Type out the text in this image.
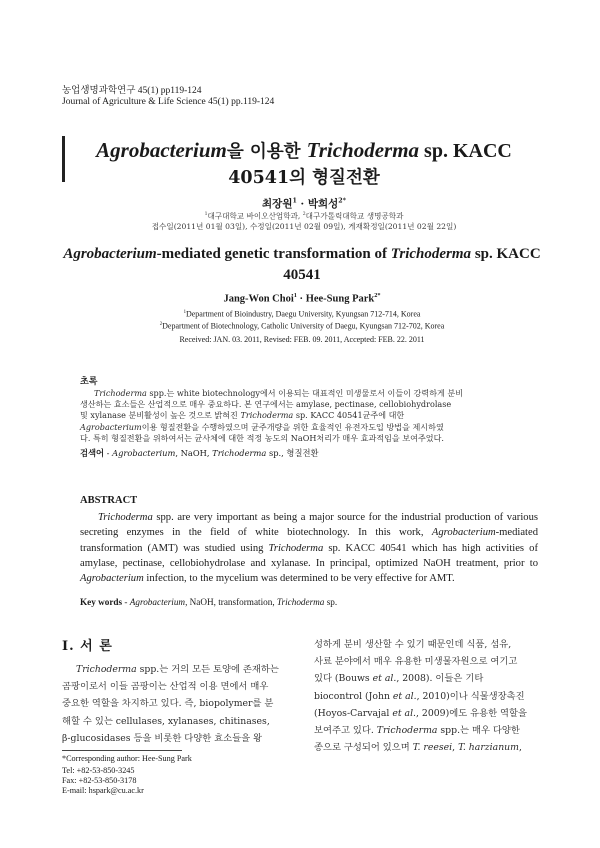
농업생명과학연구 45(1) pp119-124
Journal of Agriculture & Life Science 45(1) pp.119-124
Agrobacterium을 이용한 Trichoderma sp. KACC
40541의 형질전환
최장원$^1$ · 박희성$^{2*}$
$^1$대구대학교 바이오산업학과, $^2$대구가톨릭대학교 생명공학과
접수일(2011년 01월 03일), 수정일(2011년 02월 09일), 게재확정일(2011년 02월 22일)
Agrobacterium-mediated genetic transformation of Trichoderma sp. KACC
40541
Jang-Won Choi$^1$ · Hee-Sung Park$^{2*}$
$^1$Department of Bioindustry, Daegu University, Kyungsan 712-714, Korea
$^2$Department of Biotechnology, Catholic University of Daegu, Kyungsan 712-702, Korea
Received: JAN. 03. 2011, Revised: FEB. 09. 2011, Accepted: FEB. 22. 2011
초록
Trichoderma spp.는 white biotechnology에서 이용되는 대표적인 미생물로서 이들이 강력하게 분비
생산하는 효소들은 산업적으로 매우 중요하다. 본 연구에서는 amylase, pectinase, cellobiohydrolase
및 xylanase 분비활성이 높은 것으로 밝혀진 Trichoderma sp. KACC 40541균주에 대한
Agrobacterium이용 형질전환을 수행하였으며 균주개량을 위한 효율적인 유전자도입 방법을 제시하였
다. 특히 형질전환을 위하여서는 균사체에 대한 적정 농도의 NaOH처리가 매우 효과적임을 보여주었다.
검색어 - Agrobacterium, NaOH, Trichoderma sp., 형질전환
ABSTRACT

Trichoderma spp. are very important as being a major source for the industrial production of various secreting enzymes in the field of white biotechnology. In this work, Agrobacterium-mediated transformation (AMT) was studied using Trichoderma sp. KACC 40541 which has high activities of amylase, pectinase, cellobiohydrolase and xylanase. In principal, optimized NaOH treatment, prior to Agrobacterium infection, to the mycelium was determined to be very effective for AMT.

Key words - Agrobacterium, NaOH, transformation, Trichoderma sp.
Ⅰ. 서 론

Trichoderma spp.는 거의 모든 토양에 존재하는

곰팡이로서 이들 곰팡이는 산업적 이용 면에서 매우

중요한 역할을 차지하고 있다. 즉, biopolymer를 분

해할 수 있는 cellulases, xylanases, chitinases,

β-glucosidases 등을 비롯한 다양한 효소들을 왕

성하게 분비 생산할 수 있기 때문인데 식품, 섬유,

사료 분야에서 매우 유용한 미생물자원으로 여기고

있다 (Bouws et al., 2008). 이들은 기타

biocontrol (John et al., 2010)이나 식물생장촉진

(Hoyos-Carvajal et al., 2009)에도 유용한 역할을

보여주고 있다. Trichoderma spp.는 매우 다양한

종으로 구성되어 있으며 T. reesei, T. harzianum,

*Corresponding author: Hee-Sung Park
Tel: +82-53-850-3245
Fax: +82-53-850-3178
E-mail: hspark@cu.ac.kr
